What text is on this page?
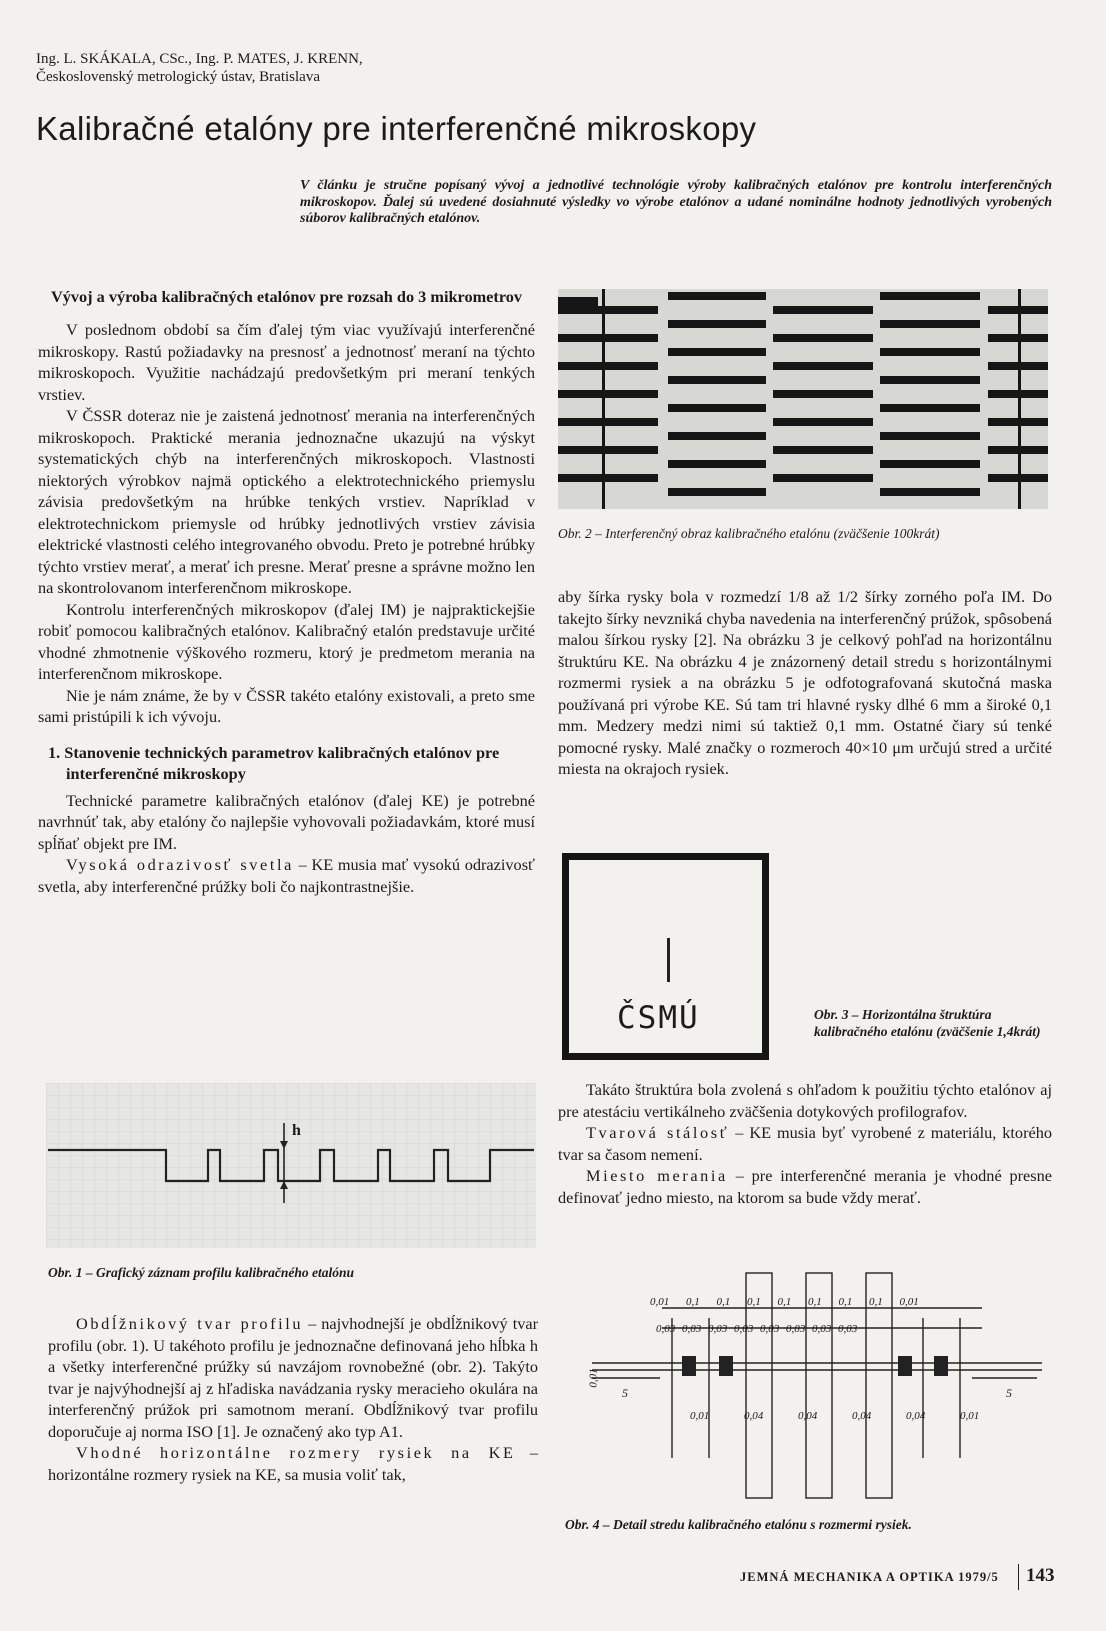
Ing. L. SKÁKALA, CSc., Ing. P. MATES, J. KRENN,
Československý metrologický ústav, Bratislava
Kalibračné etalóny pre interferenčné mikroskopy
V článku je stručne popísaný vývoj a jednotlivé technológie výroby kalibračných etalónov pre kontrolu interferenčných mikroskopov. Ďalej sú uvedené dosiahnuté výsledky vo výrobe etalónov a udané nominálne hodnoty jednotlivých vyrobených súborov kalibračných etalónov.
Vývoj a výroba kalibračných etalónov pre rozsah do 3 mikrometrov

V poslednom období sa čím ďalej tým viac využívajú interferenčné mikroskopy. Rastú požiadavky na presnosť a jednotnosť meraní na týchto mikroskopoch. Využitie nachádzajú predovšetkým pri meraní tenkých vrstiev.

V ČSSR doteraz nie je zaistená jednotnosť merania na interferenčných mikroskopoch. Praktické merania jednoznačne ukazujú na výskyt systematických chýb na interferenčných mikroskopoch. Vlastnosti niektorých výrobkov najmä optického a elektrotechnického priemyslu závisia predovšetkým na hrúbke tenkých vrstiev. Napríklad v elektrotechnickom priemysle od hrúbky jednotlivých vrstiev závisia elektrické vlastnosti celého integrovaného obvodu. Preto je potrebné hrúbky týchto vrstiev merať, a merať ich presne. Merať presne a správne možno len na skontrolovanom interferenčnom mikroskope.

Kontrolu interferenčných mikroskopov (ďalej IM) je najpraktickejšie robiť pomocou kalibračných etalónov. Kalibračný etalón predstavuje určité vhodné zhmotnenie výškového rozmeru, ktorý je predmetom merania na interferenčnom mikroskope.

Nie je nám známe, že by v ČSSR takéto etalóny existovali, a preto sme sami pristúpili k ich vývoju.

1. Stanovenie technických parametrov kalibračných etalónov pre interferenčné mikroskopy

Technické parametre kalibračných etalónov (ďalej KE) je potrebné navrhnúť tak, aby etalóny čo najlepšie vyhovovali požiadavkám, ktoré musí spĺňať objekt pre IM.

Vysoká odrazivosť svetla – KE musia mať vysokú odrazivosť svetla, aby interferenčné prúžky boli čo najkontrastnejšie.

h
Obr. 1 – Grafický záznam profilu kalibračného etalónu

Obdĺžnikový tvar profilu – najvhodnejší je obdĺžnikový tvar profilu (obr. 1). U takéhoto profilu je jednoznačne definovaná jeho hĺbka h a všetky interferenčné prúžky sú navzájom rovnobežné (obr. 2). Takýto tvar je najvýhodnejší aj z hľadiska navádzania rysky meracieho okulára na interferenčný prúžok pri samotnom meraní. Obdĺžnikový tvar profilu doporučuje aj norma ISO [1]. Je označený ako typ A1.

Vhodné horizontálne rozmery rysiek na KE – horizontálne rozmery rysiek na KE, sa musia voliť tak,

Obr. 2 – Interferenčný obraz kalibračného etalónu (zväčšenie 100krát)

aby šírka rysky bola v rozmedzí 1/8 až 1/2 šírky zorného poľa IM. Do takejto šírky nevzniká chyba navedenia na interferenčný prúžok, spôsobená malou šírkou rysky [2]. Na obrázku 3 je celkový pohľad na horizontálnu štruktúru KE. Na obrázku 4 je znázornený detail stredu s horizontálnymi rozmermi rysiek a na obrázku 5 je odfotografovaná skutočná maska používaná pri výrobe KE. Sú tam tri hlavné rysky dlhé 6 mm a široké 0,1 mm. Medzery medzi nimi sú taktiež 0,1 mm. Ostatné čiary sú tenké pomocné rysky. Malé značky o rozmeroch 40×10 μm určujú stred a určité miesta na okrajoch rysiek.

ČSMÚ	Obr. 3 – Horizontálna štruktúra kalibračného etalónu (zväčšenie 1,4krát)

Takáto štruktúra bola zvolená s ohľadom k použitiu týchto etalónov aj pre atestáciu vertikálneho zväčšenia dotykových profilografov.

Tvarová stálosť – KE musia byť vyrobené z materiálu, ktorého tvar sa časom nemení.

Miesto merania – pre interferenčné merania je vhodné presne definovať jedno miesto, na ktorom sa bude vždy merať.

0,01 0,1 0,1 0,1 0,1 0,1 0,1 0,1 0,01
0,03 0,03 0,03 0,03 0,03 0,03 0,03 0,03
0,01	0,04	0,04	0,04	0,04	0,01
0,01
5	5
Obr. 4 – Detail stredu kalibračného etalónu s rozmermi rysiek.
JEMNÁ MECHANIKA A OPTIKA 1979/5 143
